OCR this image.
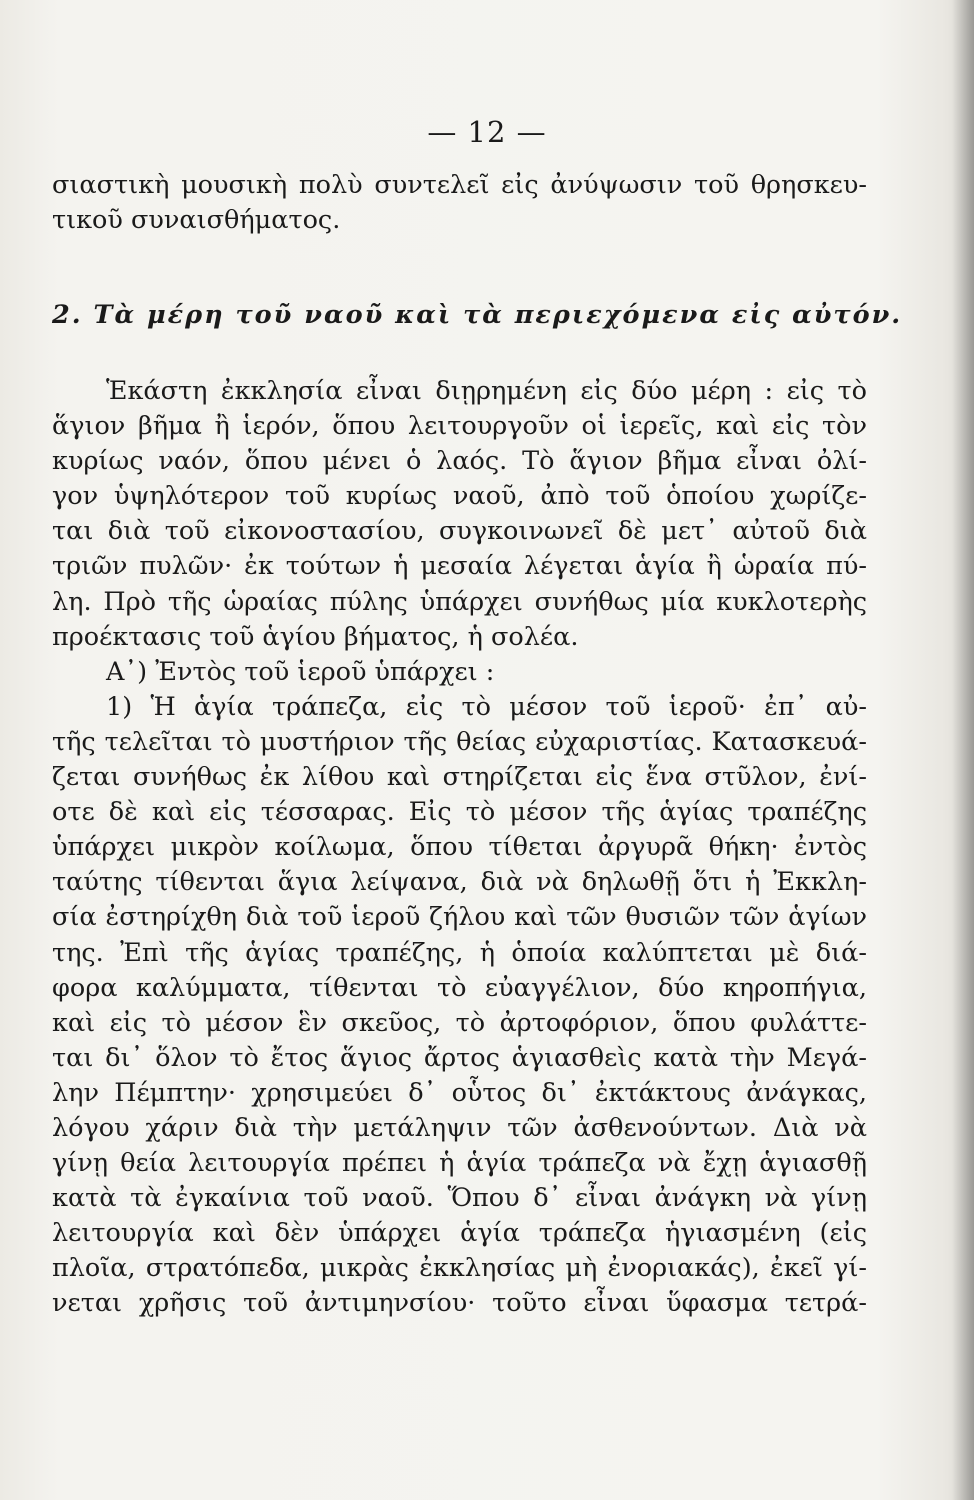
— 12 —
σιαστικὴ μουσικὴ πολὺ συντελεῖ εἰς ἀνύψωσιν τοῦ θρησκευ-
τικοῦ συναισθήματος.
2. Τὰ μέρη τοῦ ναοῦ καὶ τὰ περιεχόμενα εἰς αὐτόν.
Ἑκάστη ἐκκλησία εἶναι διῃρημένη εἰς δύο μέρη : εἰς τὸ
ἅγιον βῆμα ἢ ἱερόν, ὅπου λειτουργοῦν οἱ ἱερεῖς, καὶ εἰς τὸν
κυρίως ναόν, ὅπου μένει ὁ λαός. Τὸ ἅγιον βῆμα εἶναι ὀλί-
γον ὑψηλότερον τοῦ κυρίως ναοῦ, ἀπὸ τοῦ ὁποίου χωρίζε-
ται διὰ τοῦ εἰκονοστασίου, συγκοινωνεῖ δὲ μετ᾽ αὐτοῦ διὰ
τριῶν πυλῶν· ἐκ τούτων ἡ μεσαία λέγεται ἁγία ἢ ὡραία πύ-
λη. Πρὸ τῆς ὡραίας πύλης ὑπάρχει συνήθως μία κυκλοτερὴς
προέκτασις τοῦ ἁγίου βήματος, ἡ σολέα.
Α᾽) Ἐντὸς τοῦ ἱεροῦ ὑπάρχει :
1) Ἡ ἁγία τράπεζα, εἰς τὸ μέσον τοῦ ἱεροῦ· ἐπ᾽ αὐ-
τῆς τελεῖται τὸ μυστήριον τῆς θείας εὐχαριστίας. Κατασκευά-
ζεται συνήθως ἐκ λίθου καὶ στηρίζεται εἰς ἕνα στῦλον, ἐνί-
οτε δὲ καὶ εἰς τέσσαρας. Εἰς τὸ μέσον τῆς ἁγίας τραπέζης
ὑπάρχει μικρὸν κοίλωμα, ὅπου τίθεται ἀργυρᾶ θήκη· ἐντὸς
ταύτης τίθενται ἅγια λείψανα, διὰ νὰ δηλωθῇ ὅτι ἡ Ἐκκλη-
σία ἐστηρίχθη διὰ τοῦ ἱεροῦ ζήλου καὶ τῶν θυσιῶν τῶν ἁγίων
της. Ἐπὶ τῆς ἁγίας τραπέζης, ἡ ὁποία καλύπτεται μὲ διά-
φορα καλύμματα, τίθενται τὸ εὐαγγέλιον, δύο κηροπήγια,
καὶ εἰς τὸ μέσον ἓν σκεῦος, τὸ ἀρτοφόριον, ὅπου φυλάττε-
ται δι᾽ ὅλον τὸ ἔτος ἅγιος ἄρτος ἁγιασθεὶς κατὰ τὴν Μεγά-
λην Πέμπτην· χρησιμεύει δ᾽ οὗτος δι᾽ ἐκτάκτους ἀνάγκας,
λόγου χάριν διὰ τὴν μετάληψιν τῶν ἀσθενούντων. Διὰ νὰ
γίνῃ θεία λειτουργία πρέπει ἡ ἁγία τράπεζα νὰ ἔχῃ ἁγιασθῇ
κατὰ τὰ ἐγκαίνια τοῦ ναοῦ. Ὅπου δ᾽ εἶναι ἀνάγκη νὰ γίνῃ
λειτουργία καὶ δὲν ὑπάρχει ἁγία τράπεζα ἡγιασμένη (εἰς
πλοῖα, στρατόπεδα, μικρὰς ἐκκλησίας μὴ ἐνοριακάς), ἐκεῖ γί-
νεται χρῆσις τοῦ ἀντιμηνσίου· τοῦτο εἶναι ὕφασμα τετρά-
